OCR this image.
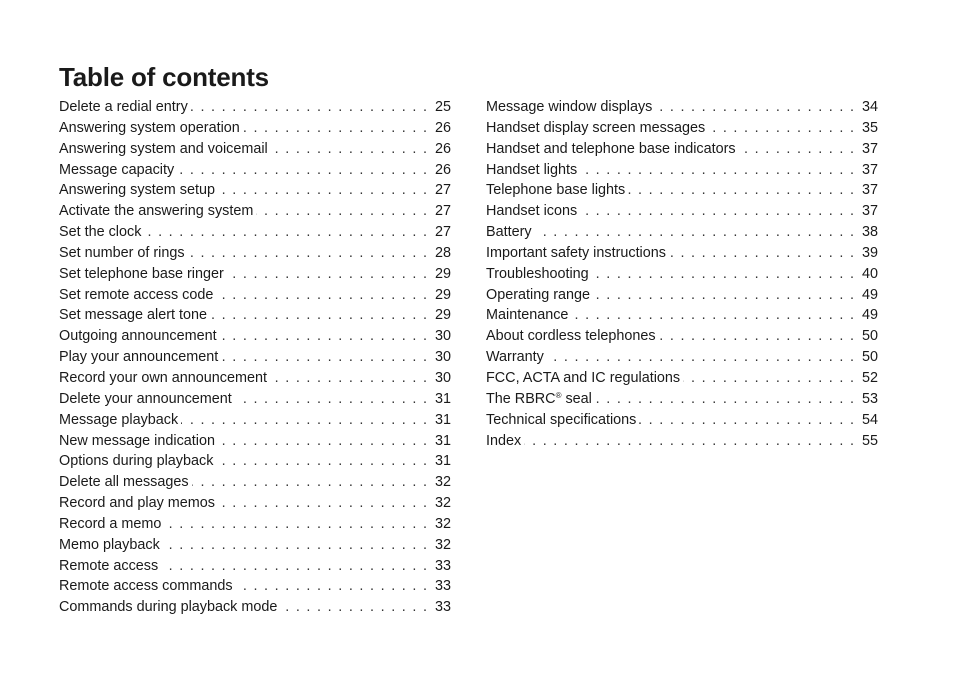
Table of contents
Delete a redial entry . . .	25
Answering system operation . . .	26
Answering system and voicemail . . .	26
Message capacity . . .	26
Answering system setup . . .	27
Activate the answering system . . .	27
Set the clock . . .	27
Set number of rings . . .	28
Set telephone base ringer . . .	29
Set remote access code . . .	29
Set message alert tone . . .	29
Outgoing announcement . . .	30
Play your announcement . . .	30
Record your own announcement . . .	30
Delete your announcement . . .	31
Message playback . . .	31
New message indication . . .	31
Options during playback . . .	31
Delete all messages . . .	32
Record and play memos . . .	32
Record a memo . . .	32
Memo playback . . .	32
Remote access . . .	33
Remote access commands . . .	33
Commands during playback mode . . .	33
Message window displays . . .	34
Handset display screen messages . . .	35
Handset and telephone base indicators . . .	37
Handset lights . . .	37
Telephone base lights . . .	37
Handset icons . . .	37
Battery . . .	38
Important safety instructions . . .	39
Troubleshooting . . .	40
Operating range . . .	49
Maintenance . . .	49
About cordless telephones . . .	50
Warranty . . .	50
FCC, ACTA and IC regulations . . .	52
The RBRC® seal . . .	53
Technical specifications . . .	54
Index . . .	55
